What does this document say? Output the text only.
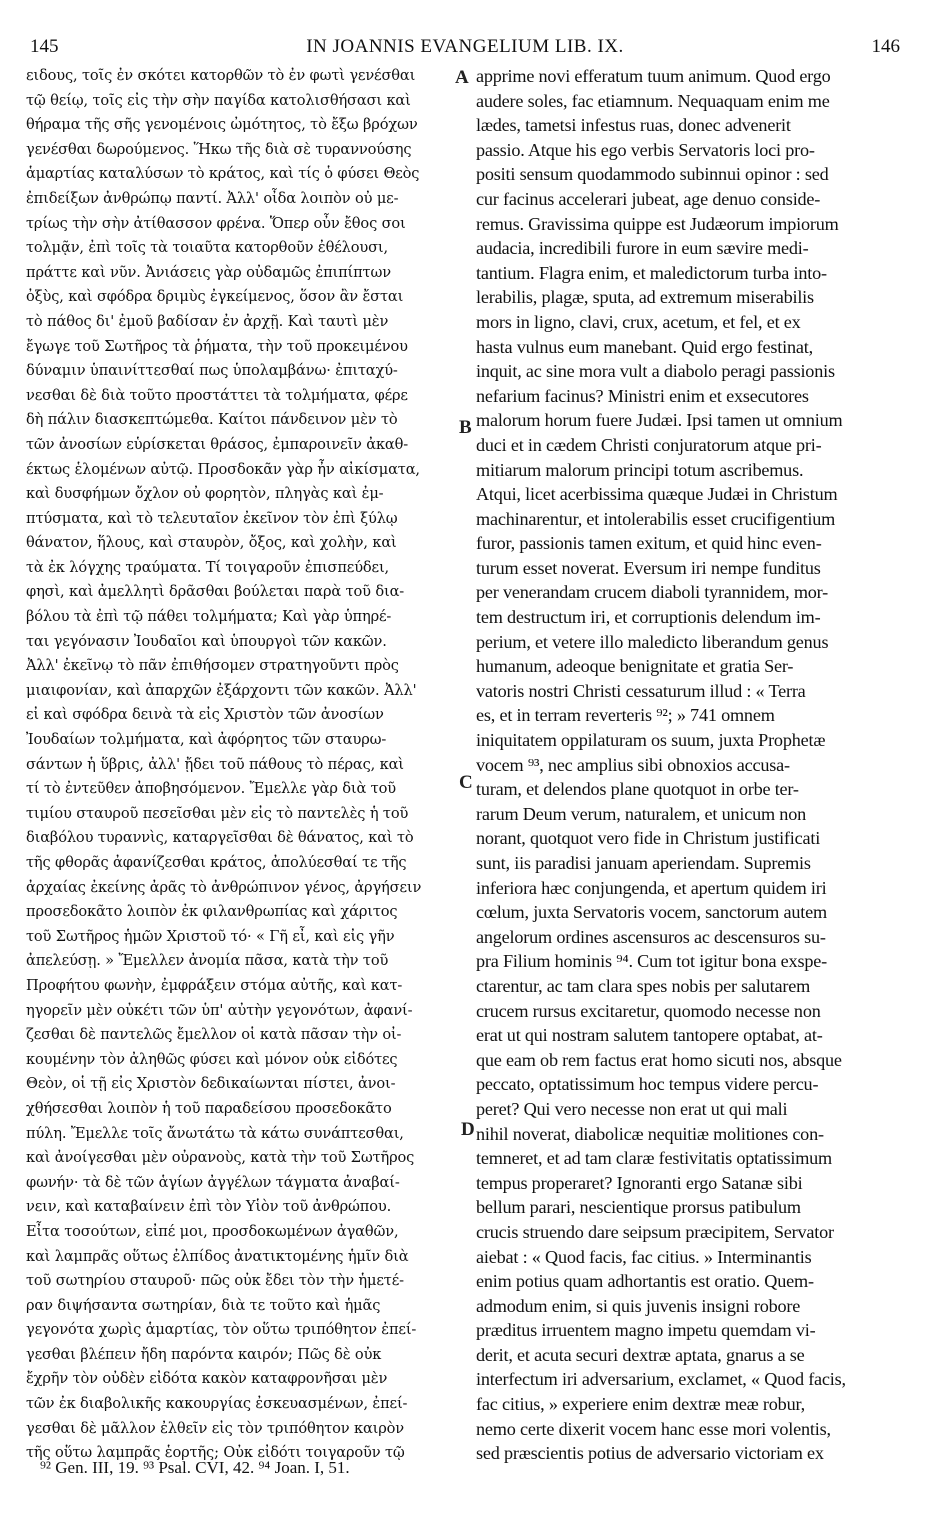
IN JOANNIS EVANGELIUM LIB. IX.
145	146

ειδους, τοῖς ἐν σκότει κατορθῶν τὸ ἐν φωτὶ γενέσθαι

τῷ θείῳ, τοῖς εἰς τὴν σὴν παγίδα κατολισθήσασι καὶ

θήραμα τῆς σῆς γενομένοις ὠμότητος, τὸ ἔξω βρόχων

γενέσθαι δωρούμενος. Ἥκω τῆς διὰ σὲ τυραννούσης

ἁμαρτίας καταλύσων τὸ κράτος, καὶ τίς ὁ φύσει Θεὸς

ἐπιδείξων ἀνθρώπῳ παντί. Ἀλλ' οἶδα λοιπὸν οὐ με-

τρίως τὴν σὴν ἀτίθασσον φρένα. Ὅπερ οὖν ἔθος σοι

τολμᾷν, ἐπὶ τοῖς τὰ τοιαῦτα κατορθοῦν ἐθέλουσι,

πράττε καὶ νῦν. Ἀνιάσεις γὰρ οὐδαμῶς ἐπιπίπτων

ὀξὺς, καὶ σφόδρα δριμὺς ἐγκείμενος, ὅσον ἂν ἔσται

τὸ πάθος δι' ἐμοῦ βαδίσαν ἐν ἀρχῇ. Καὶ ταυτὶ μὲν

ἔγωγε τοῦ Σωτῆρος τὰ ῥήματα, τὴν τοῦ προκειμένου

δύναμιν ὑπαινίττεσθαί πως ὑπολαμβάνω· ἐπιταχύ-

νεσθαι δὲ διὰ τοῦτο προστάττει τὰ τολμήματα, φέρε

δὴ πάλιν διασκεπτώμεθα. Καίτοι πάνδεινον μὲν τὸ

τῶν ἀνοσίων εὑρίσκεται θράσος, ἐμπαροινεῖν ἀκαθ-

έκτως ἑλομένων αὐτῷ. Προσδοκᾶν γὰρ ἦν αἰκίσματα,

καὶ δυσφήμων ὄχλον οὐ φορητὸν, πληγὰς καὶ ἐμ-

πτύσματα, καὶ τὸ τελευταῖον ἐκεῖνον τὸν ἐπὶ ξύλῳ

θάνατον, ἥλους, καὶ σταυρὸν, ὄξος, καὶ χολὴν, καὶ

τὰ ἐκ λόγχης τραύματα. Τί τοιγαροῦν ἐπισπεύδει,

φησὶ, καὶ ἀμελλητὶ δρᾶσθαι βούλεται παρὰ τοῦ δια-

βόλου τὰ ἐπὶ τῷ πάθει τολμήματα; Καὶ γὰρ ὑπηρέ-

ται γεγόνασιν Ἰουδαῖοι καὶ ὑπουργοὶ τῶν κακῶν.

Ἀλλ' ἐκεῖνῳ τὸ πᾶν ἐπιθήσομεν στρατηγοῦντι πρὸς

μιαιφονίαν, καὶ ἀπαρχῶν ἐξάρχοντι τῶν κακῶν. Ἀλλ'

εἰ καὶ σφόδρα δεινὰ τὰ εἰς Χριστὸν τῶν ἀνοσίων

Ἰουδαίων τολμήματα, καὶ ἀφόρητος τῶν σταυρω-

σάντων ἡ ὕβρις, ἀλλ' ᾔδει τοῦ πάθους τὸ πέρας, καὶ

τί τὸ ἐντεῦθεν ἀποβησόμενον. Ἔμελλε γὰρ διὰ τοῦ

τιμίου σταυροῦ πεσεῖσθαι μὲν εἰς τὸ παντελὲς ἡ τοῦ

διαβόλου τυραννὶς, καταργεῖσθαι δὲ θάνατος, καὶ τὸ

τῆς φθορᾶς ἀφανίζεσθαι κράτος, ἀπολύεσθαί τε τῆς

ἀρχαίας ἐκείνης ἀρᾶς τὸ ἀνθρώπινον γένος, ἀργήσειν

προσεδοκᾶτο λοιπὸν ἐκ φιλανθρωπίας καὶ χάριτος

τοῦ Σωτῆρος ἡμῶν Χριστοῦ τό· « Γῆ εἶ, καὶ εἰς γῆν

ἀπελεύσῃ. » Ἔμελλεν ἀνομία πᾶσα, κατὰ τὴν τοῦ

Προφήτου φωνὴν, ἐμφράξειν στόμα αὐτῆς, καὶ κατ-

ηγορεῖν μὲν οὐκέτι τῶν ὑπ' αὐτὴν γεγονότων, ἀφανί-

ζεσθαι δὲ παντελῶς ἔμελλον οἱ κατὰ πᾶσαν τὴν οἰ-

κουμένην τὸν ἀληθῶς φύσει καὶ μόνον οὐκ εἰδότες

Θεὸν, οἱ τῇ εἰς Χριστὸν δεδικαίωνται πίστει, ἀνοι-

χθήσεσθαι λοιπὸν ἡ τοῦ παραδείσου προσεδοκᾶτο

πύλη. Ἔμελλε τοῖς ἄνωτάτω τὰ κάτω συνάπτεσθαι,

καὶ ἀνοίγεσθαι μὲν οὐρανοὺς, κατὰ τὴν τοῦ Σωτῆρος

φωνήν· τὰ δὲ τῶν ἁγίων ἀγγέλων τάγματα ἀναβαί-

νειν, καὶ καταβαίνειν ἐπὶ τὸν Υἱὸν τοῦ ἀνθρώπου.

Εἶτα τοσούτων, εἰπέ μοι, προσδοκωμένων ἀγαθῶν,

καὶ λαμπρᾶς οὕτως ἐλπίδος ἀνατικτομένης ἡμῖν διὰ

τοῦ σωτηρίου σταυροῦ· πῶς οὐκ ἔδει τὸν τὴν ἡμετέ-

ραν διψήσαντα σωτηρίαν, διὰ τε τοῦτο καὶ ἡμᾶς

γεγονότα χωρὶς ἁμαρτίας, τὸν οὕτω τριπόθητον ἐπεί-

γεσθαι βλέπειν ἤδη παρόντα καιρόν; Πῶς δὲ οὐκ

ἔχρῆν τὸν οὐδὲν εἰδότα κακὸν καταφρονῆσαι μὲν

τῶν ἐκ διαβολικῆς κακουργίας ἐσκευασμένων, ἐπεί-

γεσθαι δὲ μᾶλλον ἐλθεῖν εἰς τὸν τριπόθητον καιρὸν

τῆς οὕτω λαμπρᾶς ἑορτῆς; Οὐκ εἰδότι τοιγαροῦν τῷ

apprime novi efferatum tuum animum. Quod ergo

audere soles, fac etiamnum. Nequaquam enim me

lædes, tametsi infestus ruas, donec advenerit

passio. Atque his ego verbis Servatoris loci pro-

positi sensum quodammodo subinnui opinor : sed

cur facinus accelerari jubeat, age denuo conside-

remus. Gravissima quippe est Judæorum impiorum

audacia, incredibili furore in eum sævire medi-

tantium. Flagra enim, et maledictorum turba into-

lerabilis, plagæ, sputa, ad extremum miserabilis

mors in ligno, clavi, crux, acetum, et fel, et ex

hasta vulnus eum manebant. Quid ergo festinat,

inquit, ac sine mora vult a diabolo peragi passionis

nefarium facinus? Ministri enim et exsecutores

malorum horum fuere Judæi. Ipsi tamen ut omnium

duci et in cædem Christi conjuratorum atque pri-

mitiarum malorum principi totum ascribemus.

Atqui, licet acerbissima quæque Judæi in Christum

machinarentur, et intolerabilis esset crucifigentium

furor, passionis tamen exitum, et quid hinc even-

turum esset noverat. Eversum iri nempe funditus

per venerandam crucem diaboli tyrannidem, mor-

tem destructum iri, et corruptionis delendum im-

perium, et vetere illo maledicto liberandum genus

humanum, adeoque benignitate et gratia Ser-

vatoris nostri Christi cessaturum illud : « Terra

es, et in terram reverteris ⁹²; » 741 omnem

iniquitatem oppilaturam os suum, juxta Prophetæ

vocem ⁹³, nec amplius sibi obnoxios accusa-

turam, et delendos plane quotquot in orbe ter-

rarum Deum verum, naturalem, et unicum non

norant, quotquot vero fide in Christum justificati

sunt, iis paradisi januam aperiendam. Supremis

inferiora hæc conjungenda, et apertum quidem iri

cœlum, juxta Servatoris vocem, sanctorum autem

angelorum ordines ascensuros ac descensuros su-

pra Filium hominis ⁹⁴. Cum tot igitur bona exspe-

ctarentur, ac tam clara spes nobis per salutarem

crucem rursus excitaretur, quomodo necesse non

erat ut qui nostram salutem tantopere optabat, at-

que eam ob rem factus erat homo sicuti nos, absque

peccato, optatissimum hoc tempus videre percu-

peret? Qui vero necesse non erat ut qui mali

nihil noverat, diabolicæ nequitiæ molitiones con-

temneret, et ad tam claræ festivitatis optatissimum

tempus properaret? Ignoranti ergo Satanæ sibi

bellum parari, nescientique prorsus patibulum

crucis struendo dare seipsum præcipitem, Servator

aiebat : « Quod facis, fac citius. » Interminantis

enim potius quam adhortantis est oratio. Quem-

admodum enim, si quis juvenis insigni robore

præditus irruentem magno impetu quemdam vi-

derit, et acuta securi dextræ aptata, gnarus a se

interfectum iri adversarium, exclamet, « Quod facis,

fac citius, » experiere enim dextræ meæ robur,

nemo certe dixerit vocem hanc esse mori volentis,

sed præscientis potius de adversario victoriam ex

A
B
C
D
⁹² Gen. III, 19. ⁹³ Psal. CVI, 42. ⁹⁴ Joan. I, 51.
